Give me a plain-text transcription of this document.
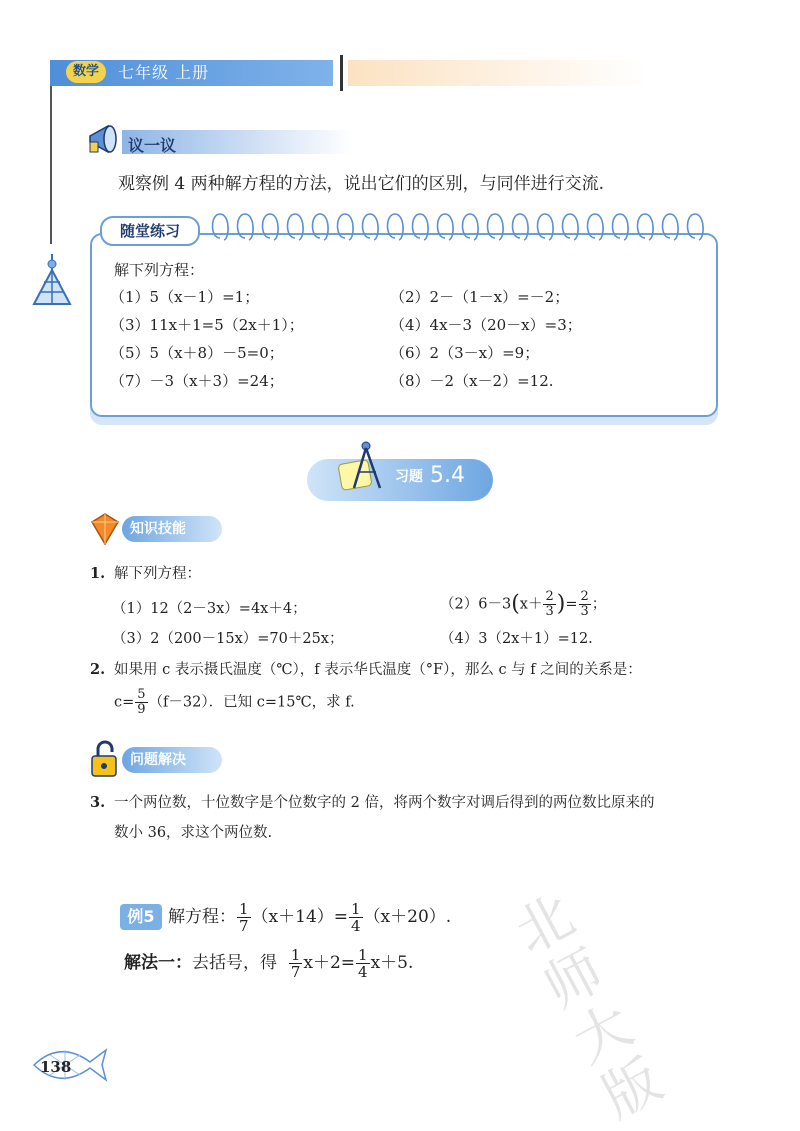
数学	七年级 上册
议一议
观察例 4 两种解方程的方法，说出它们的区别，与同伴进行交流.
随堂练习
解下列方程：
（1）5（x－1）=1；	（2）2－（1－x）=－2；
（3）11x＋1=5（2x＋1）；	（4）4x－3（20－x）=3；
（5）5（x＋8）－5=0；	（6）2（3－x）=9；
（7）－3（x＋3）=24；	（8）－2（x－2）=12.
习题 5.4
知识技能
1. 解下列方程：
（1）12（2－3x）=4x＋4；	$(2)6-3(x+ \frac{2}{3}$ )= $\frac{2}{3}$ ；
（3）2（200－15x）=70＋25x；	（4）3（2x＋1）=12.
2. 如果用 c 表示摄氏温度（℃），f 表示华氏温度（°F），那么 c 与 f 之间的关系是：
$c= \frac{5}{9} (f-32)$．已知 c=15℃，求 f.
问题解决
3. 一个两位数，十位数字是个位数字的 2 倍，将两个数字对调后得到的两位数比原来的
数小 36，求这个两位数.
例5 解方程： $\frac{1}{7} (x+14)= \frac{1}{4} (x+20)$.
解法一：去括号，得 $\frac{1}{7} x+2= \frac{1}{4} x+5$. 北师大版
138
